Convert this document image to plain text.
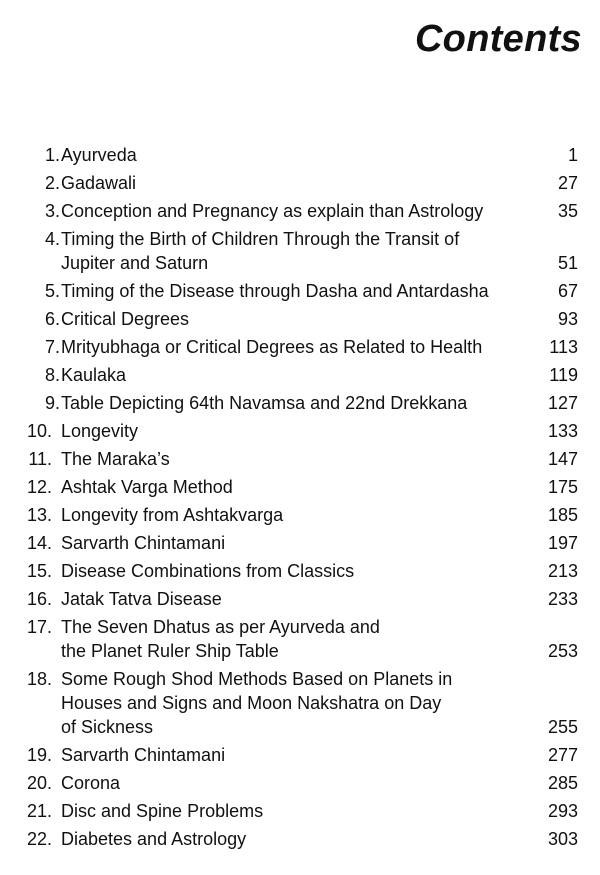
Contents
1. Ayurveda	1
2. Gadawali	27
3. Conception and Pregnancy as explain than Astrology	35
4. Timing the Birth of Children Through the Transit of
Jupiter and Saturn	51
5. Timing of the Disease through Dasha and Antardasha	67
6. Critical Degrees	93
7. Mrityubhaga or Critical Degrees as Related to Health	113
8. Kaulaka	119
9. Table Depicting 64th Navamsa and 22nd Drekkana	127
10. Longevity	133
11. The Maraka’s	147
12. Ashtak Varga Method	175
13. Longevity from Ashtakvarga	185
14. Sarvarth Chintamani	197
15. Disease Combinations from Classics	213
16. Jatak Tatva Disease	233
17. The Seven Dhatus as per Ayurveda and
the Planet Ruler Ship Table	253
18. Some Rough Shod Methods Based on Planets in
Houses and Signs and Moon Nakshatra on Day
of Sickness	255
19. Sarvarth Chintamani	277
20. Corona	285
21. Disc and Spine Problems	293
22. Diabetes and Astrology	303
